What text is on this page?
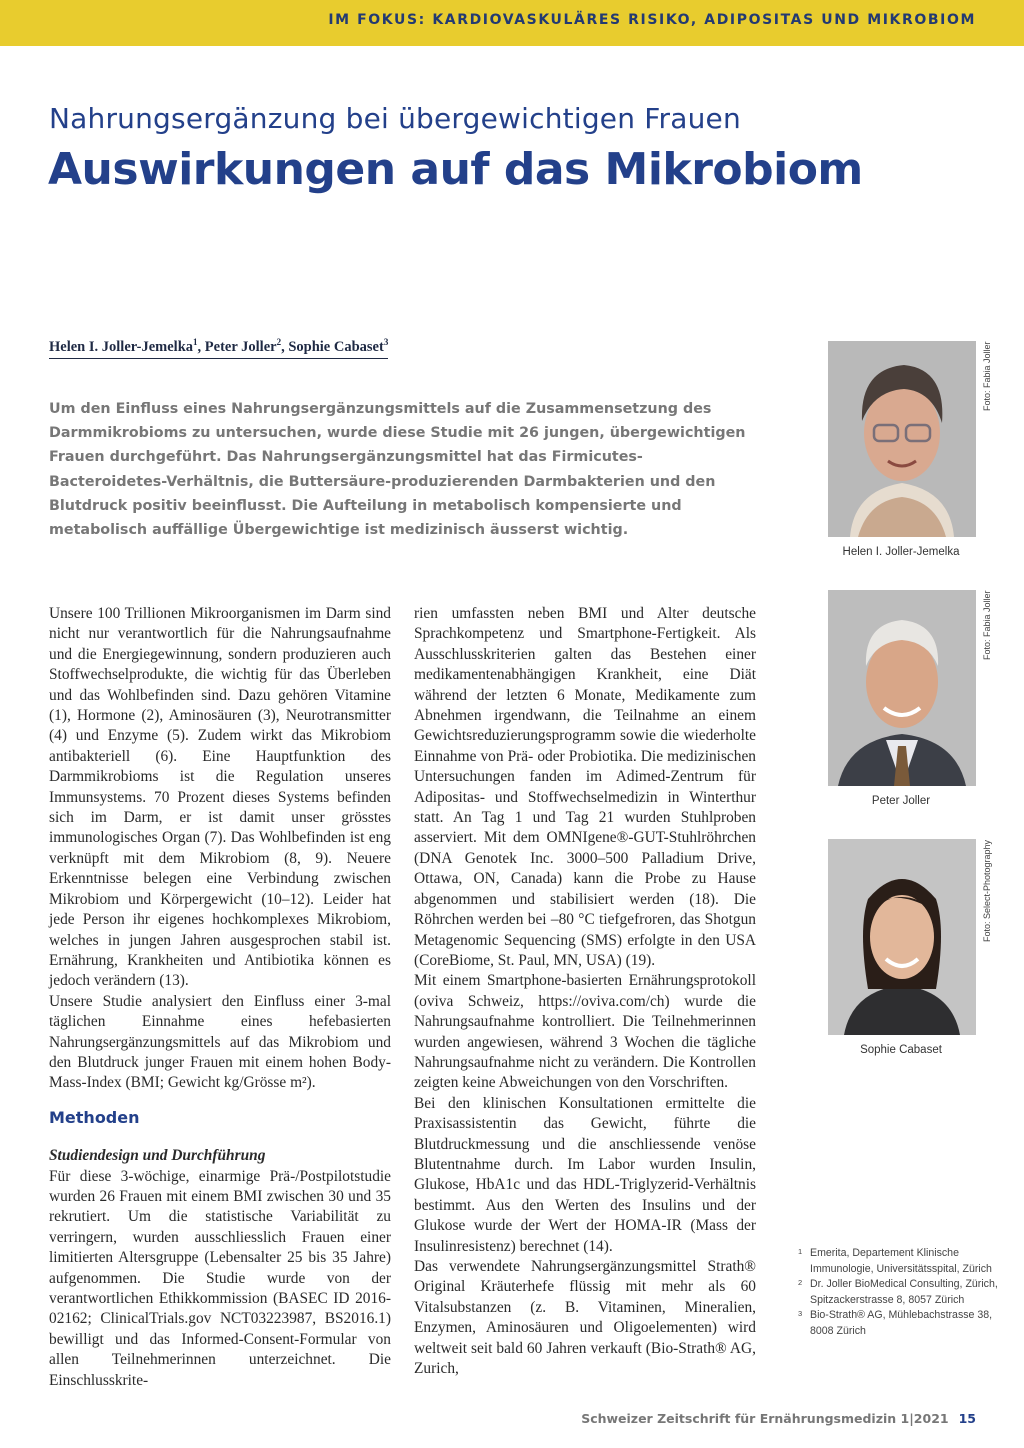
IM FOKUS: KARDIOVASKULÄRES RISIKO, ADIPOSITAS UND MIKROBIOM
Nahrungsergänzung bei übergewichtigen Frauen
Auswirkungen auf das Mikrobiom
Helen I. Joller-Jemelka$^1$, Peter Joller$^2$, Sophie Cabaset$^3$
Um den Einfluss eines Nahrungsergänzungsmittels auf die Zusammensetzung des Darmmikrobioms zu untersuchen, wurde diese Studie mit 26 jungen, übergewichtigen Frauen durchgeführt. Das Nahrungsergänzungsmittel hat das Firmicutes-Bacteroidetes-Verhältnis, die Buttersäure-produzierenden Darmbakterien und den Blutdruck positiv beeinflusst. Die Aufteilung in metabolisch kompensierte und metabolisch auffällige Übergewichtige ist medizinisch äusserst wichtig.

Unsere 100 Trillionen Mikroorganismen im Darm sind nicht nur verantwortlich für die Nahrungsaufnahme und die Energiegewinnung, sondern produzieren auch Stoffwechselprodukte, die wichtig für das Überleben und das Wohlbefinden sind. Dazu gehören Vitamine (1), Hormone (2), Aminosäuren (3), Neurotransmitter (4) und Enzyme (5). Zudem wirkt das Mikrobiom antibakteriell (6). Eine Hauptfunktion des Darmmikrobioms ist die Regulation unseres Immunsystems. 70 Prozent dieses Systems befinden sich im Darm, er ist damit unser grösstes immunologisches Organ (7). Das Wohlbefinden ist eng verknüpft mit dem Mikrobiom (8, 9). Neuere Erkenntnisse belegen eine Verbindung zwischen Mikrobiom und Körpergewicht (10–12). Leider hat jede Person ihr eigenes hochkomplexes Mikrobiom, welches in jungen Jahren ausgesprochen stabil ist. Ernährung, Krankheiten und Antibiotika können es jedoch verändern (13).

Unsere Studie analysiert den Einfluss einer 3-mal täglichen Einnahme eines hefebasierten Nahrungsergänzungsmittels auf das Mikrobiom und den Blutdruck junger Frauen mit einem hohen Body-Mass-Index (BMI; Gewicht kg/Grösse m²).

Methoden

Studiendesign und Durchführung

Für diese 3-wöchige, einarmige Prä-/Postpilotstudie wurden 26 Frauen mit einem BMI zwischen 30 und 35 rekrutiert. Um die statistische Variabilität zu verringern, wurden ausschliesslich Frauen einer limitierten Altersgruppe (Lebensalter 25 bis 35 Jahre) aufgenommen. Die Studie wurde von der verantwortlichen Ethikkommission (BASEC ID 2016-02162; ClinicalTrials.gov NCT03223987, BS2016.1) bewilligt und das Informed-Consent-Formular von allen Teilnehmerinnen unterzeichnet. Die Einschlusskrite-

rien umfassten neben BMI und Alter deutsche Sprachkompetenz und Smartphone-Fertigkeit. Als Ausschlusskriterien galten das Bestehen einer medikamentenabhängigen Krankheit, eine Diät während der letzten 6 Monate, Medikamente zum Abnehmen irgendwann, die Teilnahme an einem Gewichtsreduzierungsprogramm sowie die wiederholte Einnahme von Prä- oder Probiotika. Die medizinischen Untersuchungen fanden im Adimed-Zentrum für Adipositas- und Stoffwechselmedizin in Winterthur statt. An Tag 1 und Tag 21 wurden Stuhlproben asserviert. Mit dem OMNIgene®-GUT-Stuhlröhrchen (DNA Genotek Inc. 3000–500 Palladium Drive, Ottawa, ON, Canada) kann die Probe zu Hause abgenommen und stabilisiert werden (18). Die Röhrchen werden bei –80 °C tiefgefroren, das Shotgun Metagenomic Sequencing (SMS) erfolgte in den USA (CoreBiome, St. Paul, MN, USA) (19).

Mit einem Smartphone-basierten Ernährungsprotokoll (oviva Schweiz, https://oviva.com/ch) wurde die Nahrungsaufnahme kontrolliert. Die Teilnehmerinnen wurden angewiesen, während 3 Wochen die tägliche Nahrungsaufnahme nicht zu verändern. Die Kontrollen zeigten keine Abweichungen von den Vorschriften.

Bei den klinischen Konsultationen ermittelte die Praxisassistentin das Gewicht, führte die Blutdruckmessung und die anschliessende venöse Blutentnahme durch. Im Labor wurden Insulin, Glukose, HbA1c und das HDL-Triglyzerid-Verhältnis bestimmt. Aus den Werten des Insulins und der Glukose wurde der Wert der HOMA-IR (Mass der Insulinresistenz) berechnet (14).

Das verwendete Nahrungsergänzungsmittel Strath® Original Kräuterhefe flüssig mit mehr als 60 Vitalsubstanzen (z. B. Vitaminen, Mineralien, Enzymen, Aminosäuren und Oligoelementen) wird weltweit seit bald 60 Jahren verkauft (Bio-Strath® AG, Zurich,

Foto: Fabia Joller
Helen I. Joller-Jemelka
Foto: Fabia Joller
Peter Joller
Foto: Select-Photography
Sophie Cabaset
1 Emerita, Departement Klinische Immunologie, Universitätsspital, Zürich
2 Dr. Joller BioMedical Consulting, Zürich, Spitzackerstrasse 8, 8057 Zürich
3 Bio-Strath® AG, Mühlebachstrasse 38, 8008 Zürich
Schweizer Zeitschrift für Ernährungsmedizin 1|2021 15
